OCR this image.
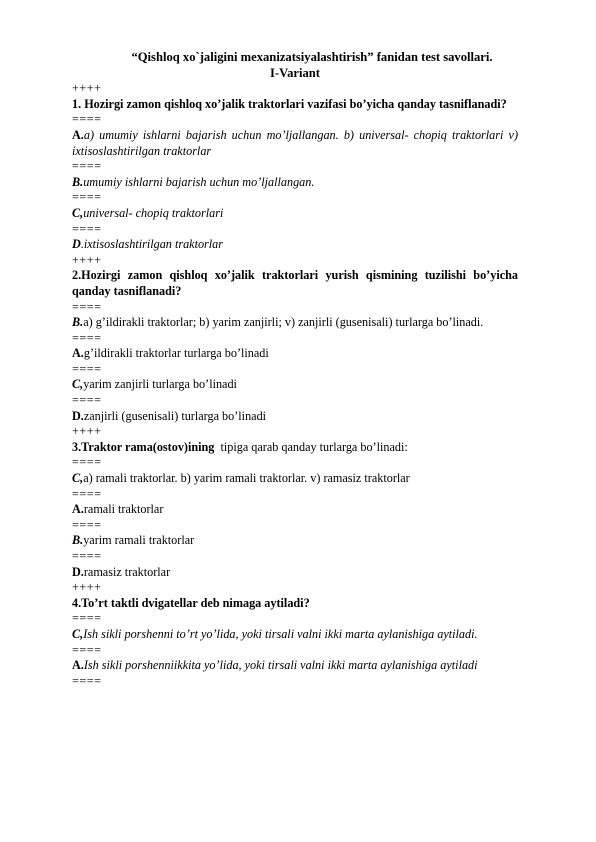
“Qishloq xo`jaligini mexanizatsiyalashtirish” fanidan test savollari.

I-Variant

++++

1. Hozirgi zamon qishloq xo’jalik traktorlari vazifasi bo’yicha qanday tasniflanadi?

====

A.a) umumiy ishlarni bajarish uchun mo’ljallangan. b) universal- chopiq traktorlari v) ixtisoslashtirilgan traktorlar

====

B.umumiy ishlarni bajarish uchun mo’ljallangan.

====

C,universal- chopiq traktorlari

====

D.ixtisoslashtirilgan traktorlar

++++

2.Hozirgi zamon qishloq xo’jalik traktorlari yurish qismining tuzilishi bo’yicha qanday tasniflanadi?

====

B.a) g’ildirakli traktorlar; b) yarim zanjirli; v) zanjirli (gusenisali) turlarga bo’linadi.

====

A.g’ildirakli traktorlar turlarga bo’linadi

====

C,yarim zanjirli turlarga bo’linadi

====

D.zanjirli (gusenisali) turlarga bo’linadi

++++

3.Traktor rama(ostov)ining  tipiga qarab qanday turlarga bo’linadi:

====

C,a) ramali traktorlar. b) yarim ramali traktorlar. v) ramasiz traktorlar

====

A.ramali traktorlar

====

B.yarim ramali traktorlar

====

D.ramasiz traktorlar

++++

4.To’rt taktli dvigatellar deb nimaga aytiladi?

====

C,Ish sikli porshenni to’rt yo’lida, yoki tirsali valni ikki marta aylanishiga aytiladi.

====

A.Ish sikli porshenniikkita yo’lida, yoki tirsali valni ikki marta aylanishiga aytiladi

====
